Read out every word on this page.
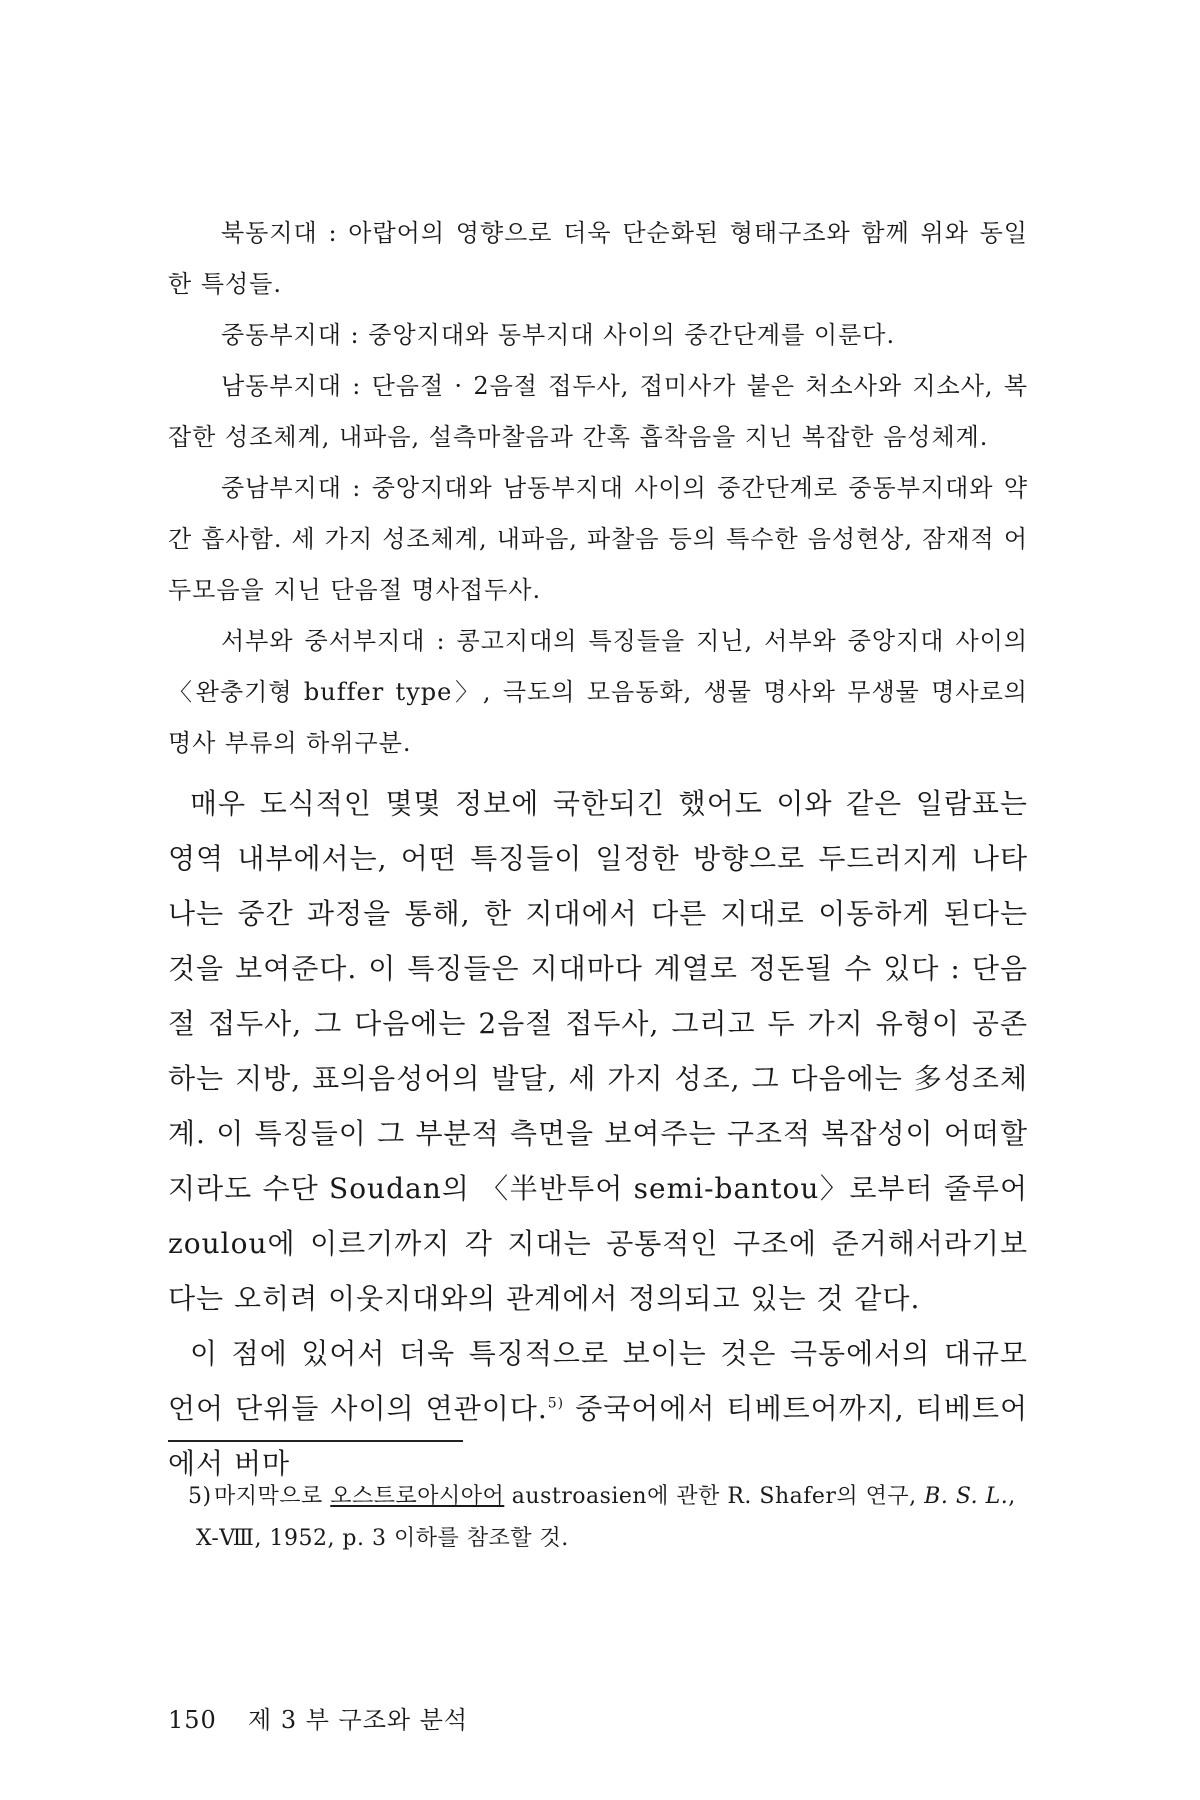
북동지대 : 아랍어의 영향으로 더욱 단순화된 형태구조와 함께 위와 동일한 특성들.

중동부지대 : 중앙지대와 동부지대 사이의 중간단계를 이룬다.

남동부지대 : 단음절 · 2음절 접두사, 접미사가 붙은 처소사와 지소사, 복잡한 성조체계, 내파음, 설측마찰음과 간혹 흡착음을 지닌 복잡한 음성체계.

중남부지대 : 중앙지대와 남동부지대 사이의 중간단계로 중동부지대와 약간 흡사함. 세 가지 성조체계, 내파음, 파찰음 등의 특수한 음성현상, 잠재적 어두모음을 지닌 단음절 명사접두사.

서부와 중서부지대 : 콩고지대의 특징들을 지닌, 서부와 중앙지대 사이의 〈완충기형 buffer type〉, 극도의 모음동화, 생물 명사와 무생물 명사로의 명사 부류의 하위구분.

매우 도식적인 몇몇 정보에 국한되긴 했어도 이와 같은 일람표는 영역 내부에서는, 어떤 특징들이 일정한 방향으로 두드러지게 나타나는 중간 과정을 통해, 한 지대에서 다른 지대로 이동하게 된다는 것을 보여준다. 이 특징들은 지대마다 계열로 정돈될 수 있다 : 단음절 접두사, 그 다음에는 2음절 접두사, 그리고 두 가지 유형이 공존하는 지방, 표의음성어의 발달, 세 가지 성조, 그 다음에는 多성조체계. 이 특징들이 그 부분적 측면을 보여주는 구조적 복잡성이 어떠할지라도 수단 Soudan의 〈半반투어 semi-bantou〉로부터 줄루어 zoulou에 이르기까지 각 지대는 공통적인 구조에 준거해서라기보다는 오히려 이웃지대와의 관계에서 정의되고 있는 것 같다.

이 점에 있어서 더욱 특징적으로 보이는 것은 극동에서의 대규모 언어 단위들 사이의 연관이다.$^{5)}$ 중국어에서 티베트어까지, 티베트어에서 버마

5) 마지막으로 오스트로아시아어 austroasien에 관한 R. Shafer의 연구, B. S. L., X-Ⅷ, 1952, p. 3 이하를 참조할 것.

150 제 3 부 구조와 분석
